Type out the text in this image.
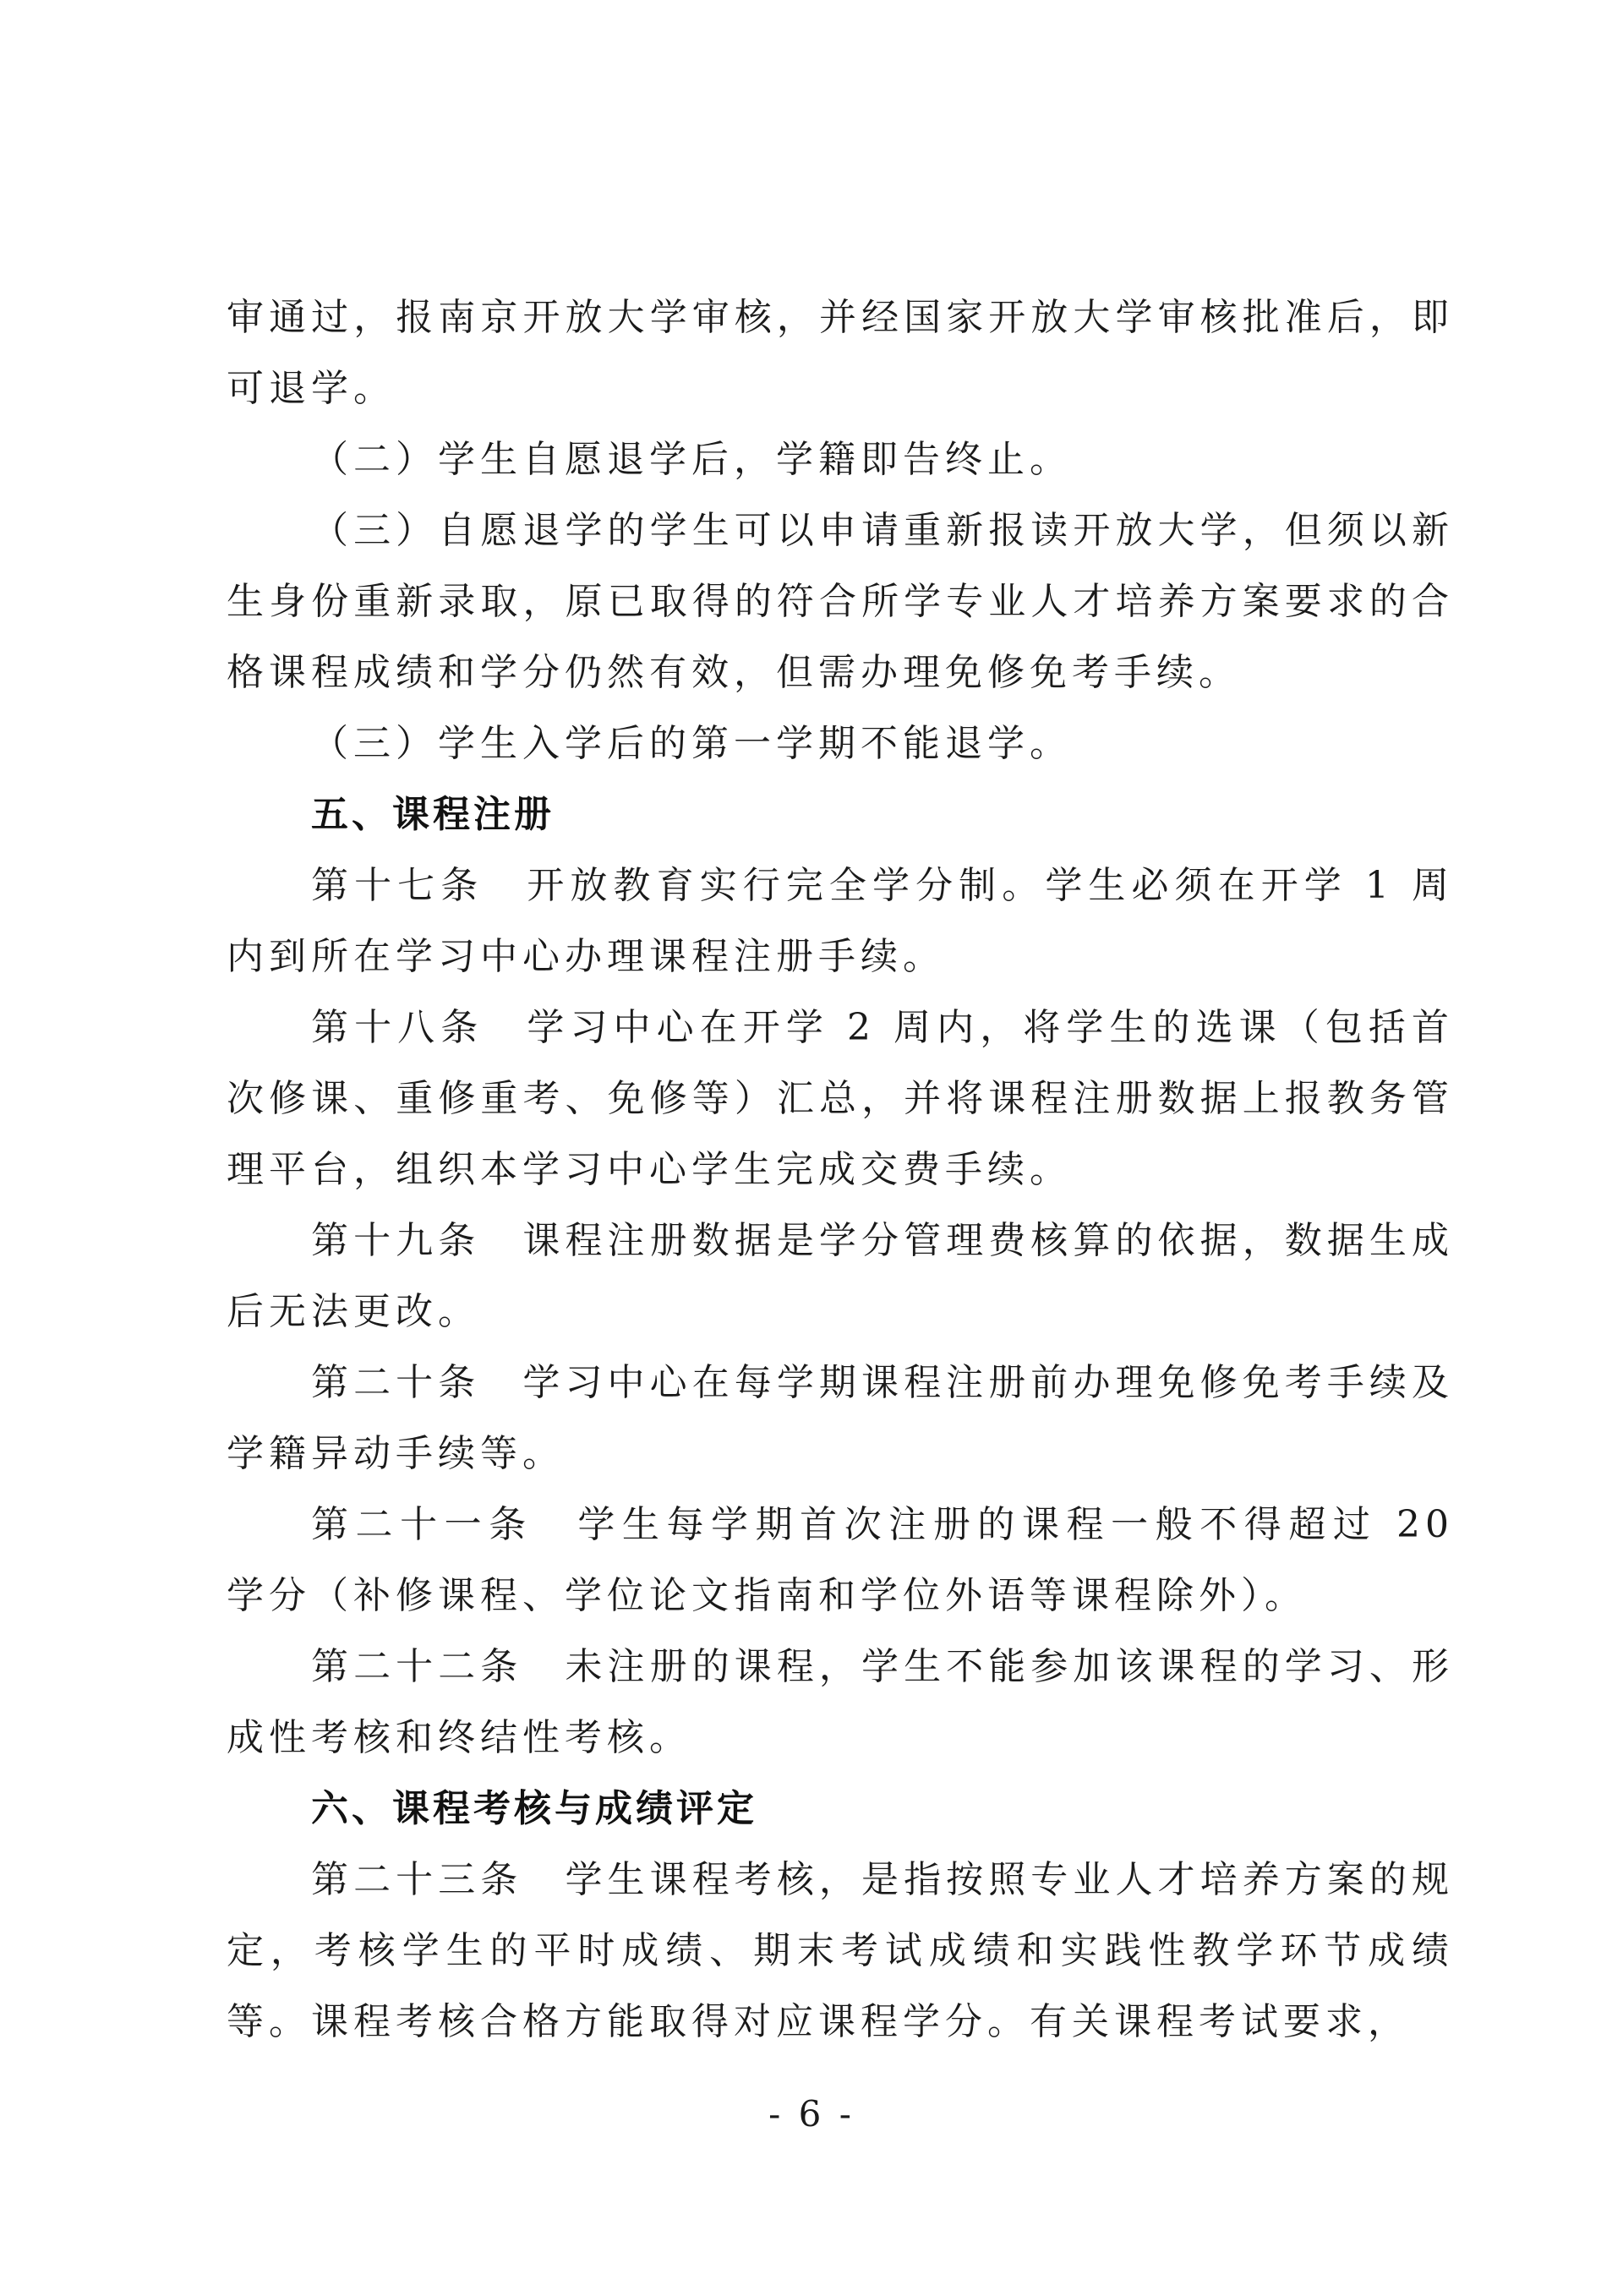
审通过，报南京开放大学审核，并经国家开放大学审核批准后，即可退学。

（二）学生自愿退学后，学籍即告终止。

（三）自愿退学的学生可以申请重新报读开放大学，但须以新生身份重新录取，原已取得的符合所学专业人才培养方案要求的合格课程成绩和学分仍然有效，但需办理免修免考手续。

（三）学生入学后的第一学期不能退学。

五、课程注册

第十七条　开放教育实行完全学分制。学生必须在开学 1 周内到所在学习中心办理课程注册手续。

第十八条　学习中心在开学 2 周内，将学生的选课（包括首次修课、重修重考、免修等）汇总，并将课程注册数据上报教务管理平台，组织本学习中心学生完成交费手续。

第十九条　课程注册数据是学分管理费核算的依据，数据生成后无法更改。

第二十条　学习中心在每学期课程注册前办理免修免考手续及学籍异动手续等。

第二十一条　学生每学期首次注册的课程一般不得超过 20 学分（补修课程、学位论文指南和学位外语等课程除外）。

第二十二条　未注册的课程，学生不能参加该课程的学习、形成性考核和终结性考核。

六、课程考核与成绩评定

第二十三条　学生课程考核，是指按照专业人才培养方案的规定，考核学生的平时成绩、期末考试成绩和实践性教学环节成绩等。课程考核合格方能取得对应课程学分。有关课程考试要求，

- 6 -
